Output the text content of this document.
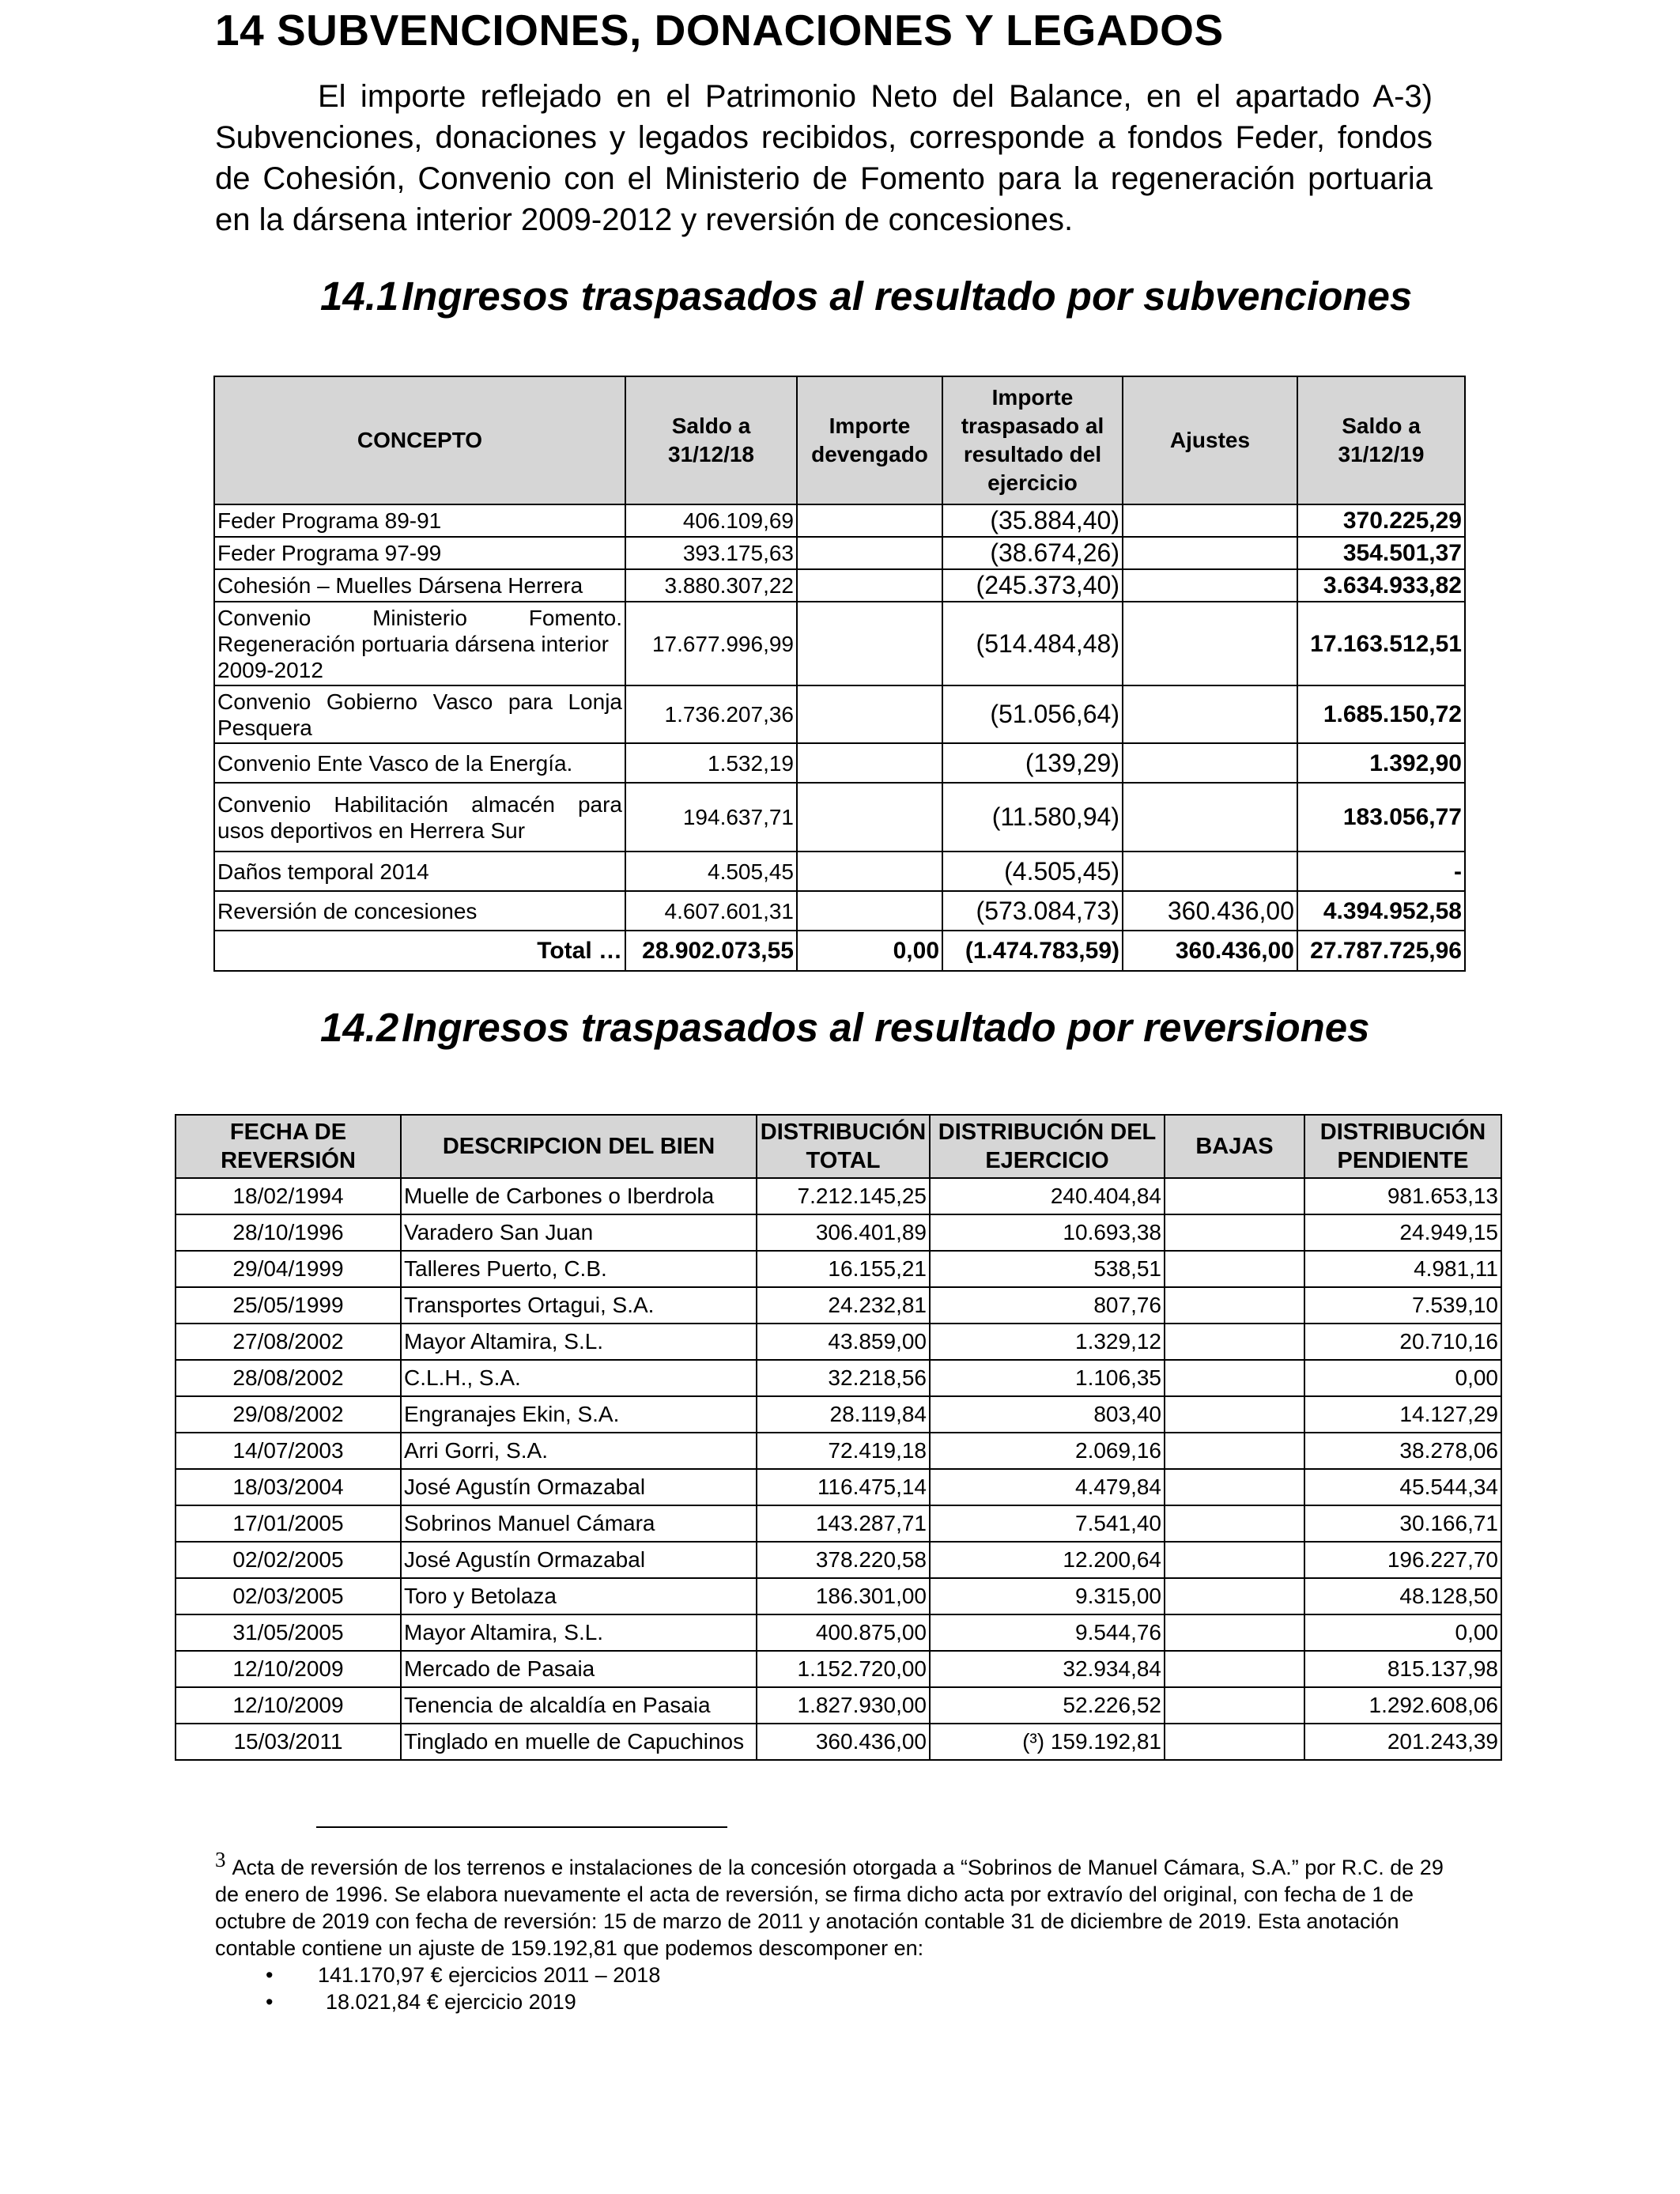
14 SUBVENCIONES, DONACIONES Y LEGADOS

El importe reflejado en el Patrimonio Neto del Balance, en el apartado A-3) Subvenciones, donaciones y legados recibidos, corresponde a fondos Feder, fondos de Cohesión, Convenio con el Ministerio de Fomento para la regeneración portuaria en la dársena interior 2009-2012 y reversión de concesiones.

14.1Ingresos traspasados al resultado por subvenciones
CONCEPTO	Saldo a 31/12/18	Importe devengado	Importe traspasado al resultado del ejercicio	Ajustes	Saldo a 31/12/19
Feder Programa 89-91	406.109,69		(35.884,40)		370.225,29
Feder Programa 97-99	393.175,63		(38.674,26)		354.501,37
Cohesión – Muelles Dársena Herrera	3.880.307,22		(245.373,40)		3.634.933,82

Convenio Ministerio Fomento.
Regeneración portuaria dársena interior
2009-2012	17.677.996,99		(514.484,48)		17.163.512,51

Convenio Gobierno Vasco para Lonja
Pesquera	1.736.207,36		(51.056,64)		1.685.150,72
Convenio Ente Vasco de la Energía.	1.532,19		(139,29)		1.392,90

Convenio Habilitación almacén para
usos deportivos en Herrera Sur	194.637,71		(11.580,94)		183.056,77
Daños temporal 2014	4.505,45		(4.505,45)		-
Reversión de concesiones	4.607.601,31		(573.084,73)	360.436,00	4.394.952,58
Total …	28.902.073,55	0,00	(1.474.783,59)	360.436,00	27.787.725,96
14.2Ingresos traspasados al resultado por reversiones
FECHA DE REVERSIÓN	DESCRIPCION DEL BIEN	DISTRIBUCIÓN TOTAL	DISTRIBUCIÓN DEL EJERCICIO	BAJAS	DISTRIBUCIÓN PENDIENTE
18/02/1994	Muelle de Carbones o Iberdrola	7.212.145,25	240.404,84		981.653,13
28/10/1996	Varadero San Juan	306.401,89	10.693,38		24.949,15
29/04/1999	Talleres Puerto, C.B.	16.155,21	538,51		4.981,11
25/05/1999	Transportes Ortagui, S.A.	24.232,81	807,76		7.539,10
27/08/2002	Mayor Altamira, S.L.	43.859,00	1.329,12		20.710,16
28/08/2002	C.L.H., S.A.	32.218,56	1.106,35		0,00
29/08/2002	Engranajes Ekin, S.A.	28.119,84	803,40		14.127,29
14/07/2003	Arri Gorri, S.A.	72.419,18	2.069,16		38.278,06
18/03/2004	José Agustín Ormazabal	116.475,14	4.479,84		45.544,34
17/01/2005	Sobrinos Manuel Cámara	143.287,71	7.541,40		30.166,71
02/02/2005	José Agustín Ormazabal	378.220,58	12.200,64		196.227,70
02/03/2005	Toro y Betolaza	186.301,00	9.315,00		48.128,50
31/05/2005	Mayor Altamira, S.L.	400.875,00	9.544,76		0,00
12/10/2009	Mercado de Pasaia	1.152.720,00	32.934,84		815.137,98
12/10/2009	Tenencia de alcaldía en Pasaia	1.827.930,00	52.226,52		1.292.608,06
15/03/2011	Tinglado en muelle de Capuchinos	360.436,00	(³) 159.192,81		201.243,39
3 Acta de reversión de los terrenos e instalaciones de la concesión otorgada a “Sobrinos de Manuel Cámara, S.A.” por R.C. de 29 de enero de 1996. Se elabora nuevamente el acta de reversión, se firma dicho acta por extravío del original, con fecha de 1 de octubre de 2019 con fecha de reversión: 15 de marzo de 2011 y anotación contable 31 de diciembre de 2019. Esta anotación contable contiene un ajuste de 159.192,81 que podemos descomponer en:
• 141.170,97 € ejercicios 2011 – 2018
• 18.021,84 € ejercicio 2019
